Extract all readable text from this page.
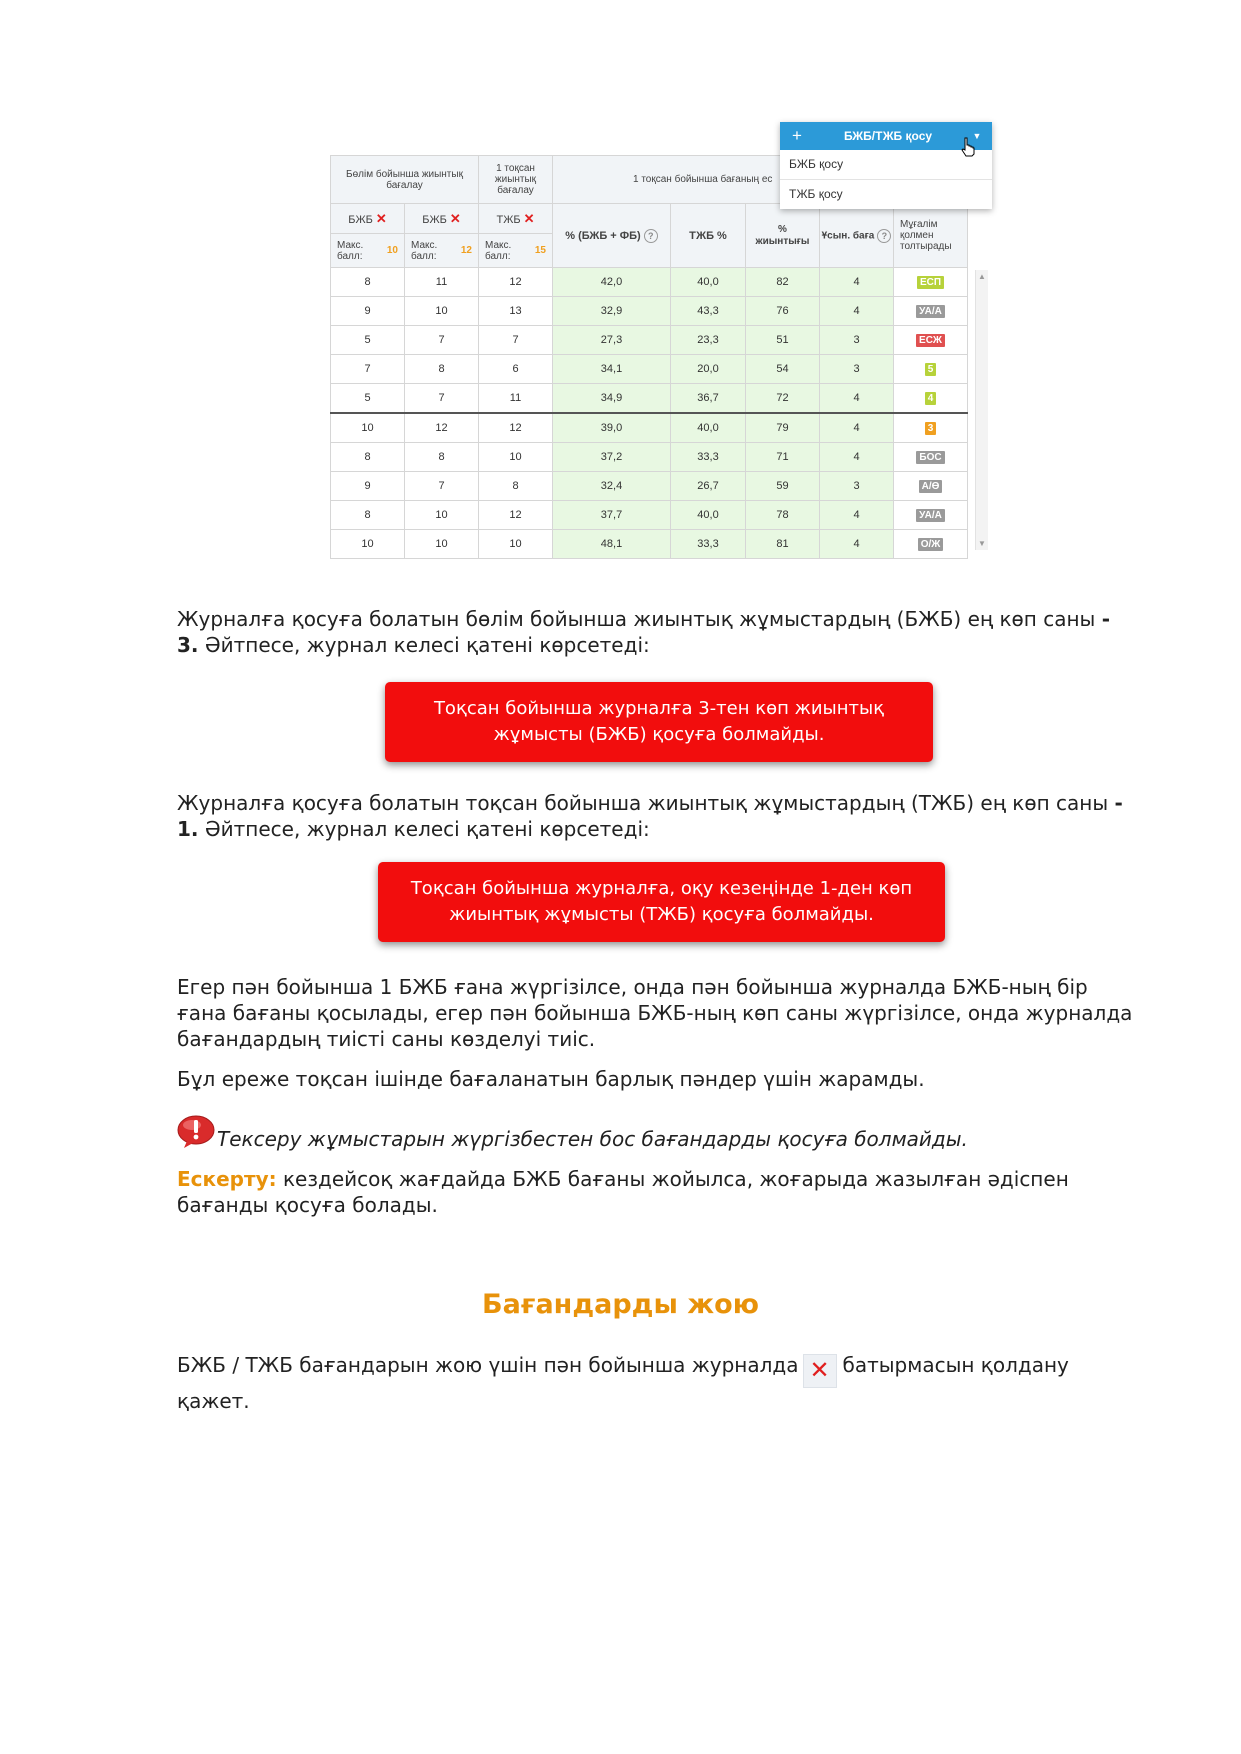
Бөлім бойынша жиынтық бағалау		1 тоқсан жиынтық бағалау	1 тоқсан бойынша бағаның ес				
БЖБ ✕	БЖБ ✕	ТЖБ ✕	% (БЖБ + ФБ) ?	ТЖБ %	% жиынтығы	Ұсын. баға ?	Мұғалім қолмен толтырады

Макс. балл: 10	Макс. балл: 12	Макс. балл: 15					

8	11	12	42,0	40,0	82	4	ЕСП
9	10	13	32,9	43,3	76	4	УА/А
5	7	7	27,3	23,3	51	3	ЕСЖ
7	8	6	34,1	20,0	54	3	5
5	7	11	34,9	36,7	72	4	4
10	12	12	39,0	40,0	79	4	3
8	8	10	37,2	33,3	71	4	БОС
9	7	8	32,4	26,7	59	3	А/Ө
8	10	12	37,7	40,0	78	4	УА/А
10	10	10	48,1	33,3	81	4	О/Ж
▲
▼
+	БЖБ/ТЖБ қосу	▼
БЖБ қосу
ТЖБ қосу
Журналға қосуға болатын бөлім бойынша жиынтық жұмыстардың (БЖБ) ең көп саны - 3. Әйтпесе, журнал келесі қатені көрсетеді:
Тоқсан бойынша журналға 3-тен көп жиынтық жұмысты (БЖБ) қосуға болмайды.
Журналға қосуға болатын тоқсан бойынша жиынтық жұмыстардың (ТЖБ) ең көп саны - 1. Әйтпесе, журнал келесі қатені көрсетеді:
Тоқсан бойынша журналға, оқу кезеңінде 1-ден көп жиынтық жұмысты (ТЖБ) қосуға болмайды.
Егер пән бойынша 1 БЖБ ғана жүргізілсе, онда пән бойынша журналда БЖБ-ның бір ғана бағаны қосылады, егер пән бойынша БЖБ-ның көп саны жүргізілсе, онда журналда бағандардың тиісті саны көзделуі тиіс.
Бұл ереже тоқсан ішінде бағаланатын барлық пәндер үшін жарамды.
Тексеру жұмыстарын жүргізбестен бос бағандарды қосуға болмайды.
Ескерту: кездейсоқ жағдайда БЖБ бағаны жойылса, жоғарыда жазылған әдіспен бағанды қосуға болады.
Бағандарды жою
БЖБ / ТЖБ бағандарын жою үшін пән бойынша журналда ✕ батырмасын қолдану қажет.
